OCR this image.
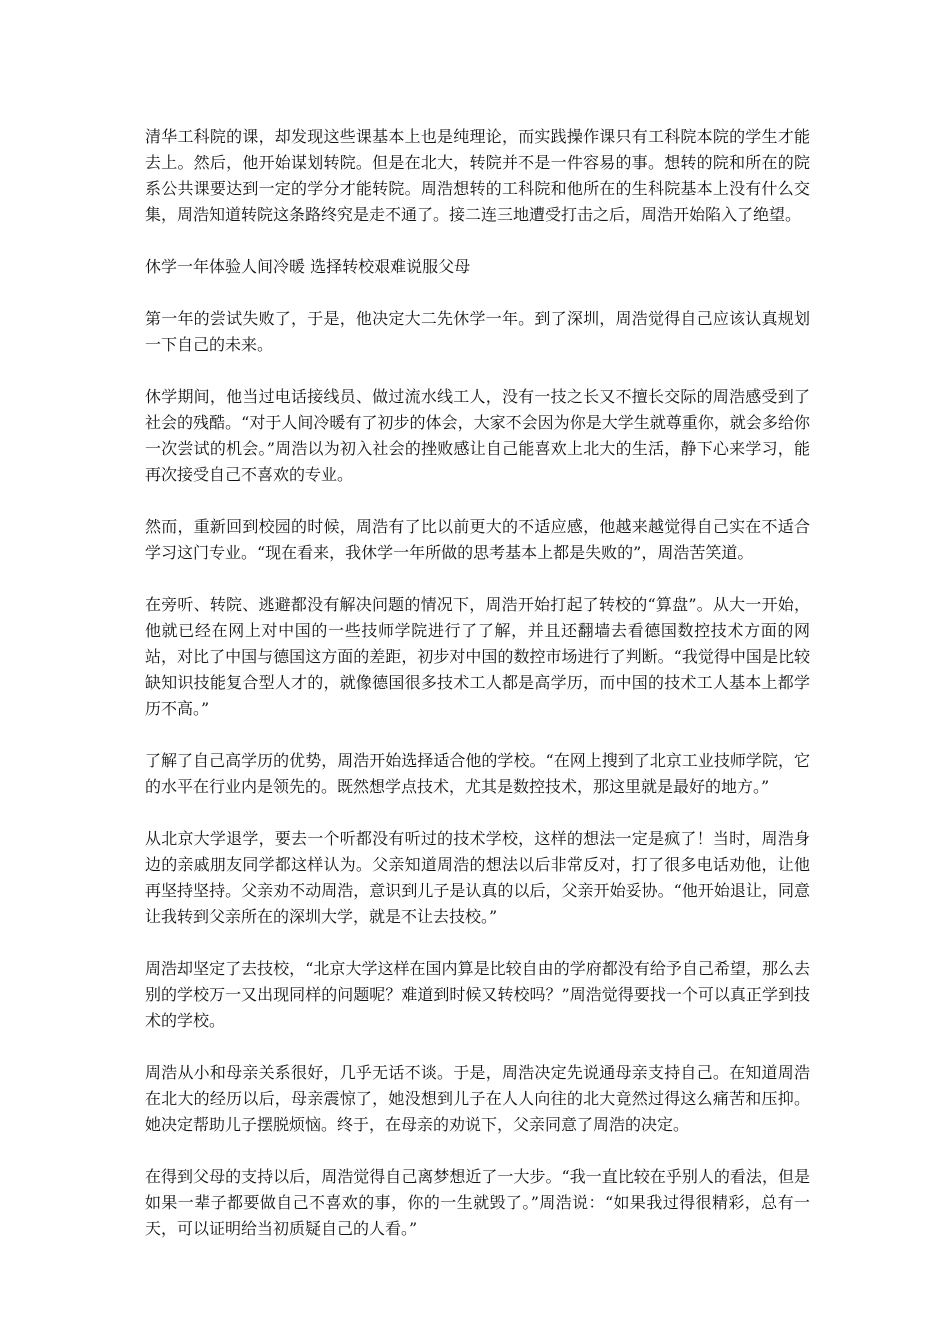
清华工科院的课，却发现这些课基本上也是纯理论，而实践操作课只有工科院本院的学生才能去上。然后，他开始谋划转院。但是在北大，转院并不是一件容易的事。想转的院和所在的院系公共课要达到一定的学分才能转院。周浩想转的工科院和他所在的生科院基本上没有什么交集，周浩知道转院这条路终究是走不通了。接二连三地遭受打击之后，周浩开始陷入了绝望。

休学一年体验人间冷暖 选择转校艰难说服父母

第一年的尝试失败了，于是，他决定大二先休学一年。到了深圳，周浩觉得自己应该认真规划一下自己的未来。

休学期间，他当过电话接线员、做过流水线工人，没有一技之长又不擅长交际的周浩感受到了社会的残酷。“对于人间冷暖有了初步的体会，大家不会因为你是大学生就尊重你，就会多给你一次尝试的机会。”周浩以为初入社会的挫败感让自己能喜欢上北大的生活，静下心来学习，能再次接受自己不喜欢的专业。

然而，重新回到校园的时候，周浩有了比以前更大的不适应感，他越来越觉得自己实在不适合学习这门专业。“现在看来，我休学一年所做的思考基本上都是失败的”，周浩苦笑道。

在旁听、转院、逃避都没有解决问题的情况下，周浩开始打起了转校的“算盘”。从大一开始，他就已经在网上对中国的一些技师学院进行了了解，并且还翻墙去看德国数控技术方面的网站，对比了中国与德国这方面的差距，初步对中国的数控市场进行了判断。“我觉得中国是比较缺知识技能复合型人才的，就像德国很多技术工人都是高学历，而中国的技术工人基本上都学历不高。”

了解了自己高学历的优势，周浩开始选择适合他的学校。“在网上搜到了北京工业技师学院，它的水平在行业内是领先的。既然想学点技术，尤其是数控技术，那这里就是最好的地方。”

从北京大学退学，要去一个听都没有听过的技术学校，这样的想法一定是疯了！当时，周浩身边的亲戚朋友同学都这样认为。父亲知道周浩的想法以后非常反对，打了很多电话劝他，让他再坚持坚持。父亲劝不动周浩，意识到儿子是认真的以后，父亲开始妥协。“他开始退让，同意让我转到父亲所在的深圳大学，就是不让去技校。”

周浩却坚定了去技校，“北京大学这样在国内算是比较自由的学府都没有给予自己希望，那么去别的学校万一又出现同样的问题呢？难道到时候又转校吗？”周浩觉得要找一个可以真正学到技术的学校。

周浩从小和母亲关系很好，几乎无话不谈。于是，周浩决定先说通母亲支持自己。在知道周浩在北大的经历以后，母亲震惊了，她没想到儿子在人人向往的北大竟然过得这么痛苦和压抑。她决定帮助儿子摆脱烦恼。终于，在母亲的劝说下，父亲同意了周浩的决定。

在得到父母的支持以后，周浩觉得自己离梦想近了一大步。“我一直比较在乎别人的看法，但是如果一辈子都要做自己不喜欢的事，你的一生就毁了。”周浩说：“如果我过得很精彩，总有一天，可以证明给当初质疑自己的人看。”
